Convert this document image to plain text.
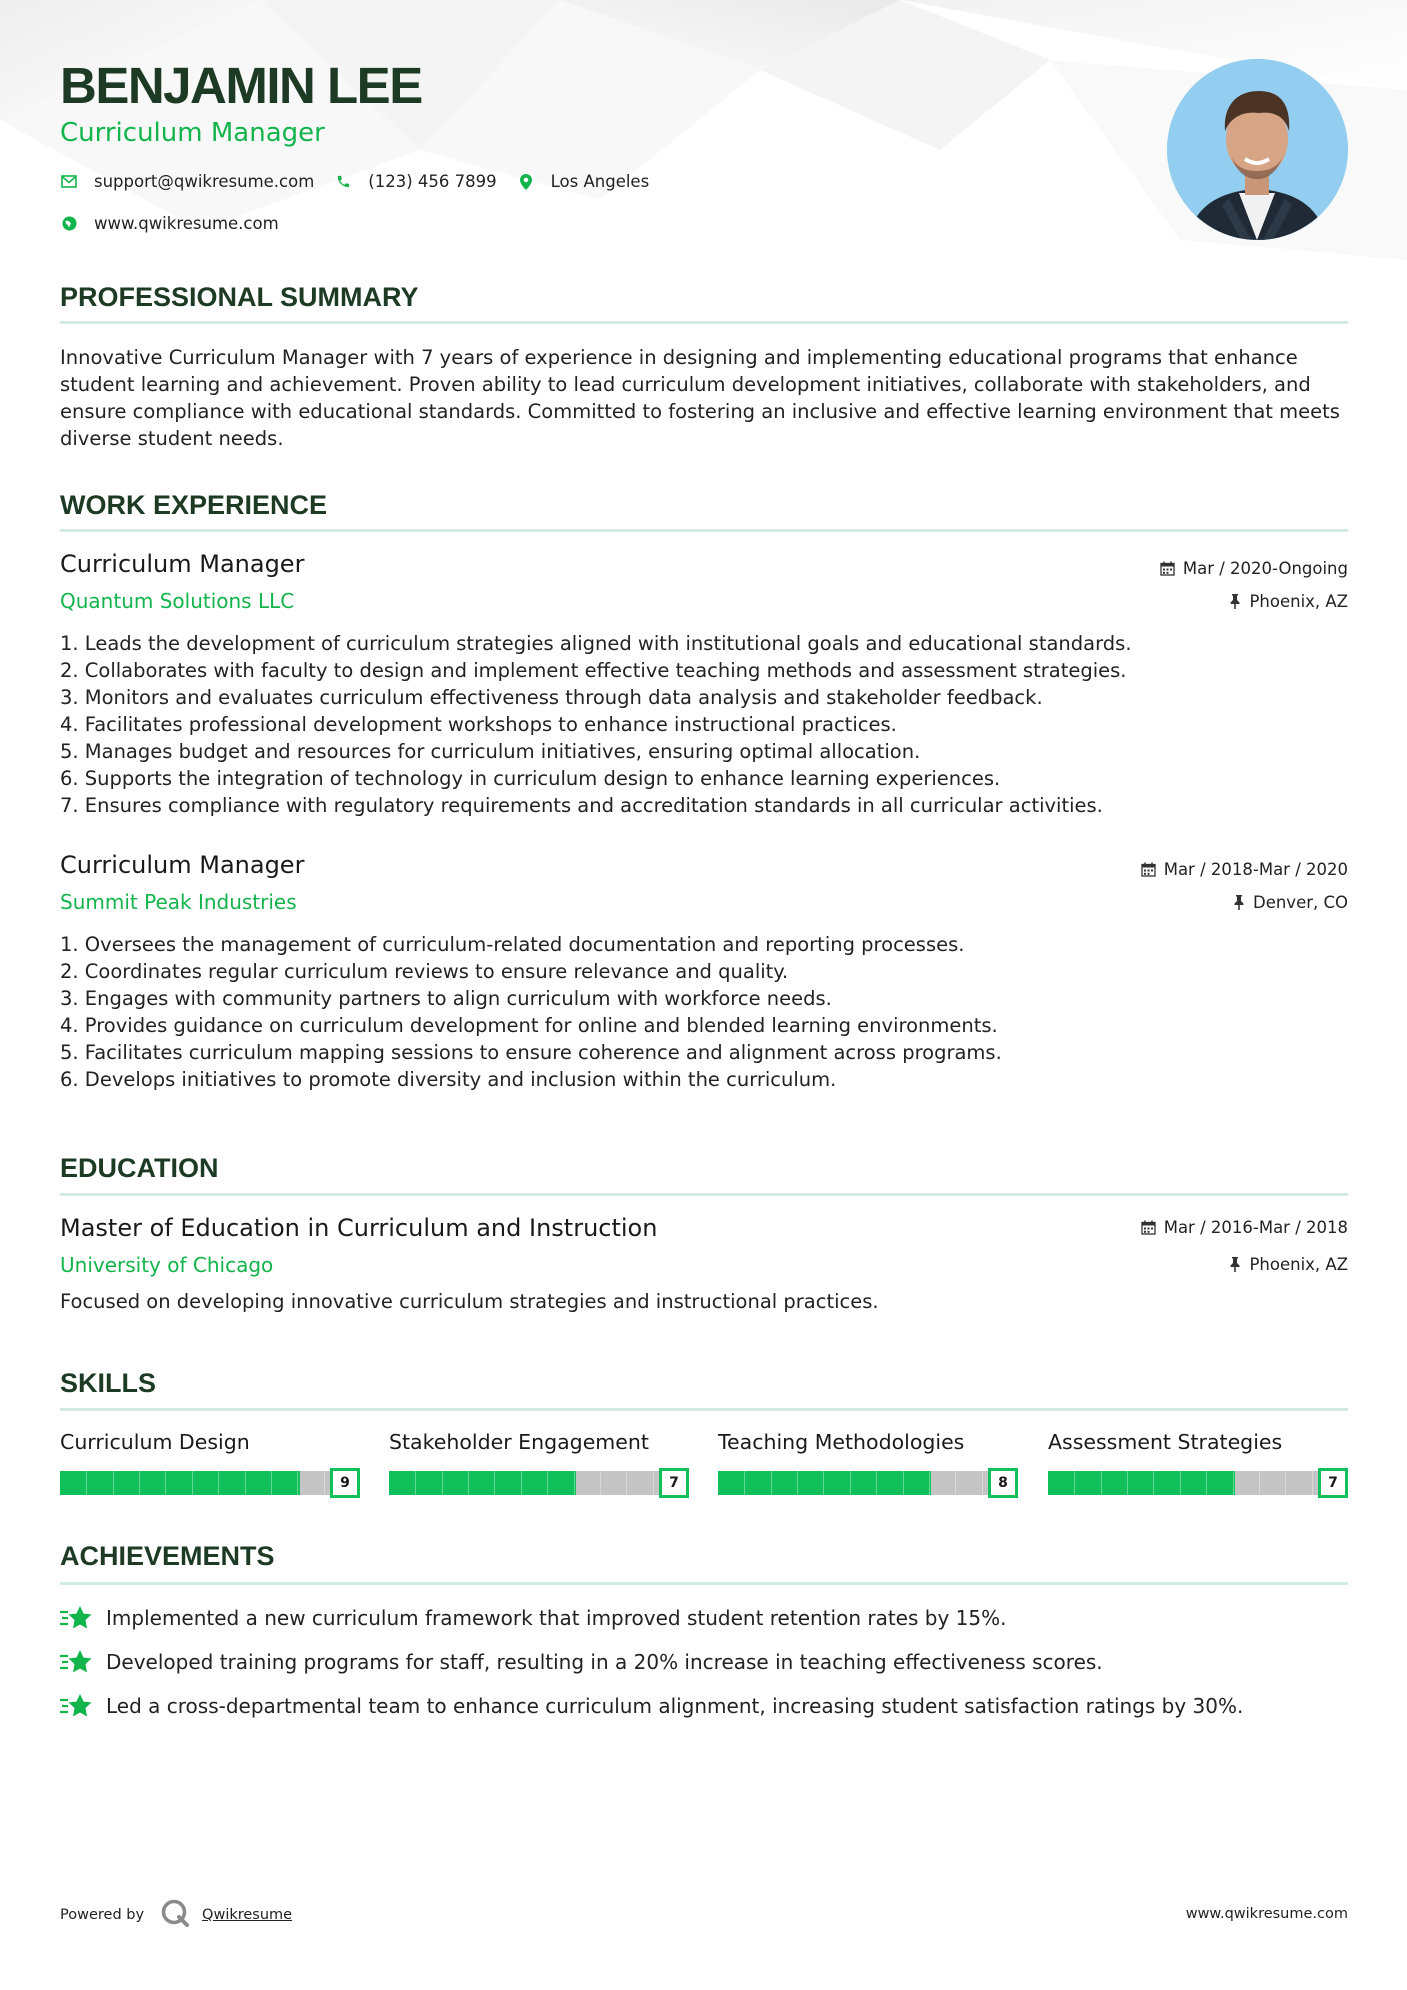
BENJAMIN LEE
Curriculum Manager
support@qwikresume.com	(123) 456 7899	Los Angeles
www.qwikresume.com
PROFESSIONAL SUMMARY

Innovative Curriculum Manager with 7 years of experience in designing and implementing educational programs that enhance student learning and achievement. Proven ability to lead curriculum development initiatives, collaborate with stakeholders, and ensure compliance with educational standards. Committed to fostering an inclusive and effective learning environment that meets diverse student needs.

WORK EXPERIENCE
Curriculum Manager	Mar / 2020-Ongoing
Quantum Solutions LLC	Phoenix, AZ
1. Leads the development of curriculum strategies aligned with institutional goals and educational standards.
2. Collaborates with faculty to design and implement effective teaching methods and assessment strategies.
3. Monitors and evaluates curriculum effectiveness through data analysis and stakeholder feedback.
4. Facilitates professional development workshops to enhance instructional practices.
5. Manages budget and resources for curriculum initiatives, ensuring optimal allocation.
6. Supports the integration of technology in curriculum design to enhance learning experiences.
7. Ensures compliance with regulatory requirements and accreditation standards in all curricular activities.
Curriculum Manager	Mar / 2018-Mar / 2020
Summit Peak Industries	Denver, CO
1. Oversees the management of curriculum-related documentation and reporting processes.
2. Coordinates regular curriculum reviews to ensure relevance and quality.
3. Engages with community partners to align curriculum with workforce needs.
4. Provides guidance on curriculum development for online and blended learning environments.
5. Facilitates curriculum mapping sessions to ensure coherence and alignment across programs.
6. Develops initiatives to promote diversity and inclusion within the curriculum.
EDUCATION
Master of Education in Curriculum and Instruction	Mar / 2016-Mar / 2018
University of Chicago	Phoenix, AZ

Focused on developing innovative curriculum strategies and instructional practices.

SKILLS
Curriculum Design
9
Stakeholder Engagement
7
Teaching Methodologies
8
Assessment Strategies
7
ACHIEVEMENTS
Implemented a new curriculum framework that improved student retention rates by 15%.
Developed training programs for staff, resulting in a 20% increase in teaching effectiveness scores.
Led a cross-departmental team to enhance curriculum alignment, increasing student satisfaction ratings by 30%.
Powered by	Qwikresume	www.qwikresume.com
